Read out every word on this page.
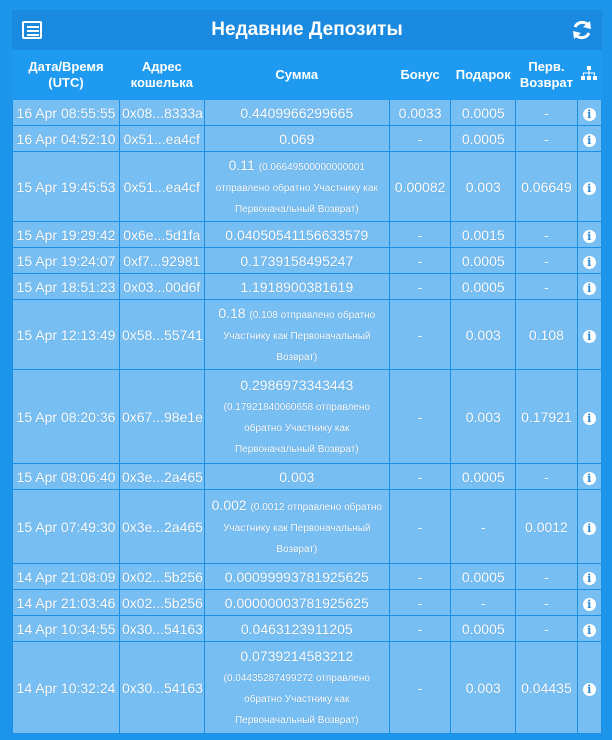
Недавние Депозиты
Дата/Время (UTC)	Адрес кошелька	Сумма	Бонус	Подарок	Перв. Возврат	
16 Apr 08:55:55	0x08...8333a	0.4409966299665	0.0033	0.0005	-	i
16 Apr 04:52:10	0x51...ea4cf	0.069	-	0.0005	-	i
15 Apr 19:45:53	0x51...ea4cf	0.11 (0.06649500000000001 отправлено обратно Участнику как Первоначальный Возврат)	0.00082	0.003	0.06649	i
15 Apr 19:29:42	0x6e...5d1fa	0.04050541156633579	-	0.0015	-	i
15 Apr 19:24:07	0xf7...92981	0.1739158495247	-	0.0005	-	i
15 Apr 18:51:23	0x03...00d6f	1.1918900381619	-	0.0005	-	i
15 Apr 12:13:49	0x58...55741	0.18 (0.108 отправлено обратно Участнику как Первоначальный Возврат)	-	0.003	0.108	i
15 Apr 08:20:36	0x67...98e1e	0.2986973343443 (0.17921840060658 отправлено обратно Участнику как Первоначальный Возврат)	-	0.003	0.17921	i
15 Apr 08:06:40	0x3e...2a465	0.003	-	0.0005	-	i
15 Apr 07:49:30	0x3e...2a465	0.002 (0.0012 отправлено обратно Участнику как Первоначальный Возврат)	-	-	0.0012	i
14 Apr 21:08:09	0x02...5b256	0.00099993781925625	-	0.0005	-	i
14 Apr 21:03:46	0x02...5b256	0.00000003781925625	-	-	-	i
14 Apr 10:34:55	0x30...54163	0.0463123911205	-	0.0005	-	i
14 Apr 10:32:24	0x30...54163	0.0739214583212 (0.04435287499272 отправлено обратно Участнику как Первоначальный Возврат)	-	0.003	0.04435	i
